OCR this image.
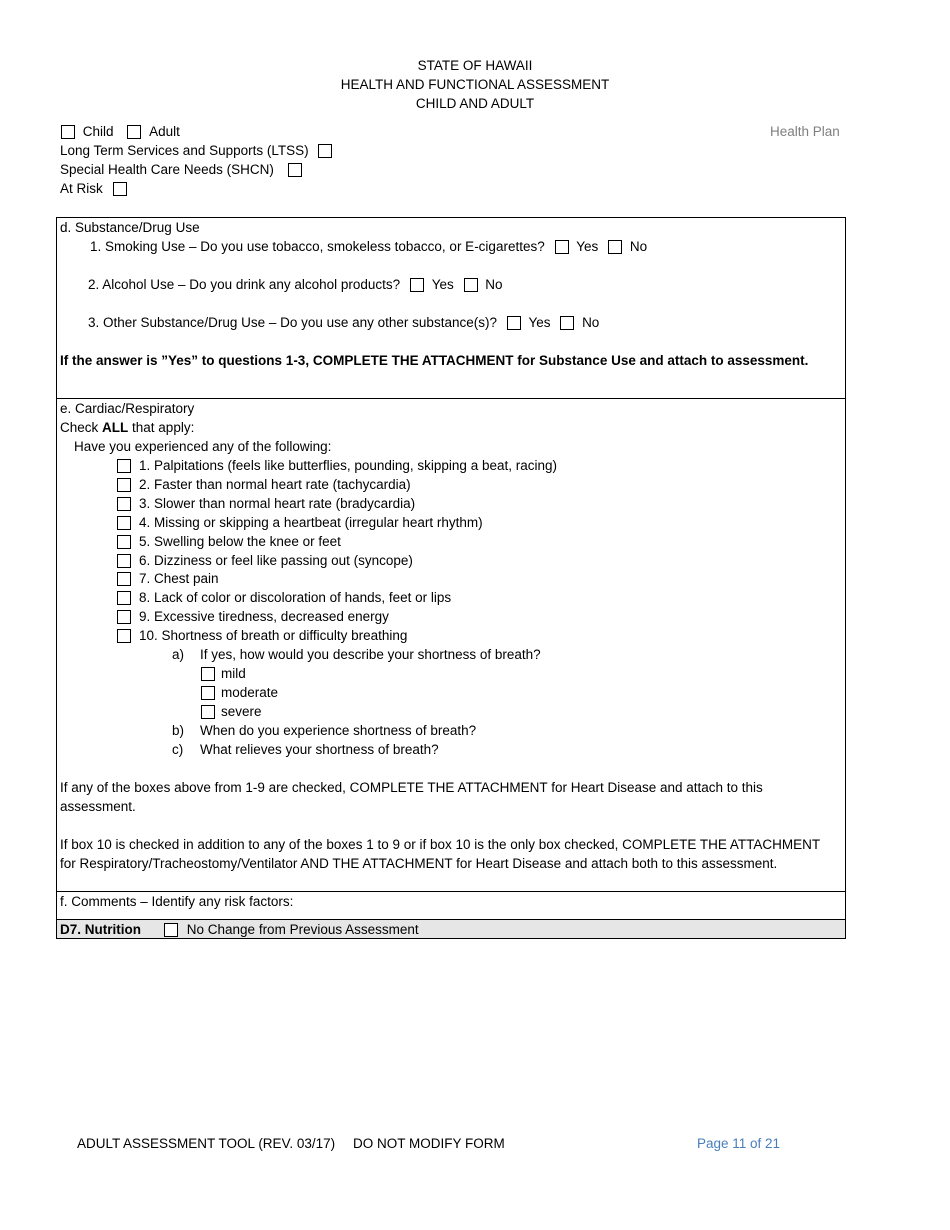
STATE OF HAWAII
HEALTH AND FUNCTIONAL ASSESSMENT
CHILD AND ADULT
Child	Adult	Health Plan
Long Term Services and Supports (LTSS)
Special Health Care Needs (SHCN)
At Risk
d. Substance/Drug Use
1. Smoking Use – Do you use tobacco, smokeless tobacco, or E-cigarettes? Yes No
2. Alcohol Use – Do you drink any alcohol products? Yes No
3. Other Substance/Drug Use – Do you use any other substance(s)? Yes No
If the answer is ”Yes” to questions 1-3, COMPLETE THE ATTACHMENT for Substance Use and attach to assessment.
e. Cardiac/Respiratory
Check ALL that apply:
Have you experienced any of the following:
1. Palpitations (feels like butterflies, pounding, skipping a beat, racing)
2. Faster than normal heart rate (tachycardia)
3. Slower than normal heart rate (bradycardia)
4. Missing or skipping a heartbeat (irregular heart rhythm)
5. Swelling below the knee or feet
6. Dizziness or feel like passing out (syncope)
7. Chest pain
8. Lack of color or discoloration of hands, feet or lips
9. Excessive tiredness, decreased energy
10. Shortness of breath or difficulty breathing
a) If yes, how would you describe your shortness of breath?
mild
moderate
severe
b) When do you experience shortness of breath?
c) What relieves your shortness of breath?
If any of the boxes above from 1-9 are checked, COMPLETE THE ATTACHMENT for Heart Disease and attach to this
assessment.
If box 10 is checked in addition to any of the boxes 1 to 9 or if box 10 is the only box checked, COMPLETE THE ATTACHMENT
for Respiratory/Tracheostomy/Ventilator AND THE ATTACHMENT for Heart Disease and attach both to this assessment.
f. Comments – Identify any risk factors:
D7. Nutrition	No Change from Previous Assessment
ADULT ASSESSMENT TOOL (REV. 03/17) DO NOT MODIFY FORM	Page 11 of 21
